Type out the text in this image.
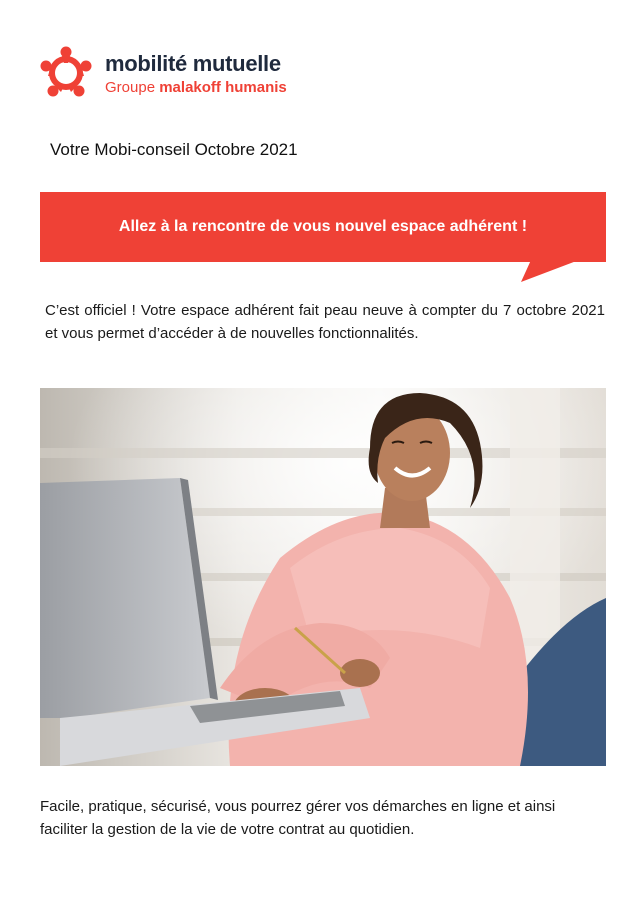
mobilité mutuelle
Groupe malakoff humanis
Votre Mobi-conseil Octobre 2021
Allez à la rencontre de vous nouvel espace adhérent !
C’est officiel ! Votre espace adhérent fait peau neuve à compter du 7 octobre 2021 et vous permet d’accéder à de nouvelles fonctionnalités.
Facile, pratique, sécurisé, vous pourrez gérer vos démarches en ligne et ainsi faciliter la gestion de la vie de votre contrat au quotidien.
